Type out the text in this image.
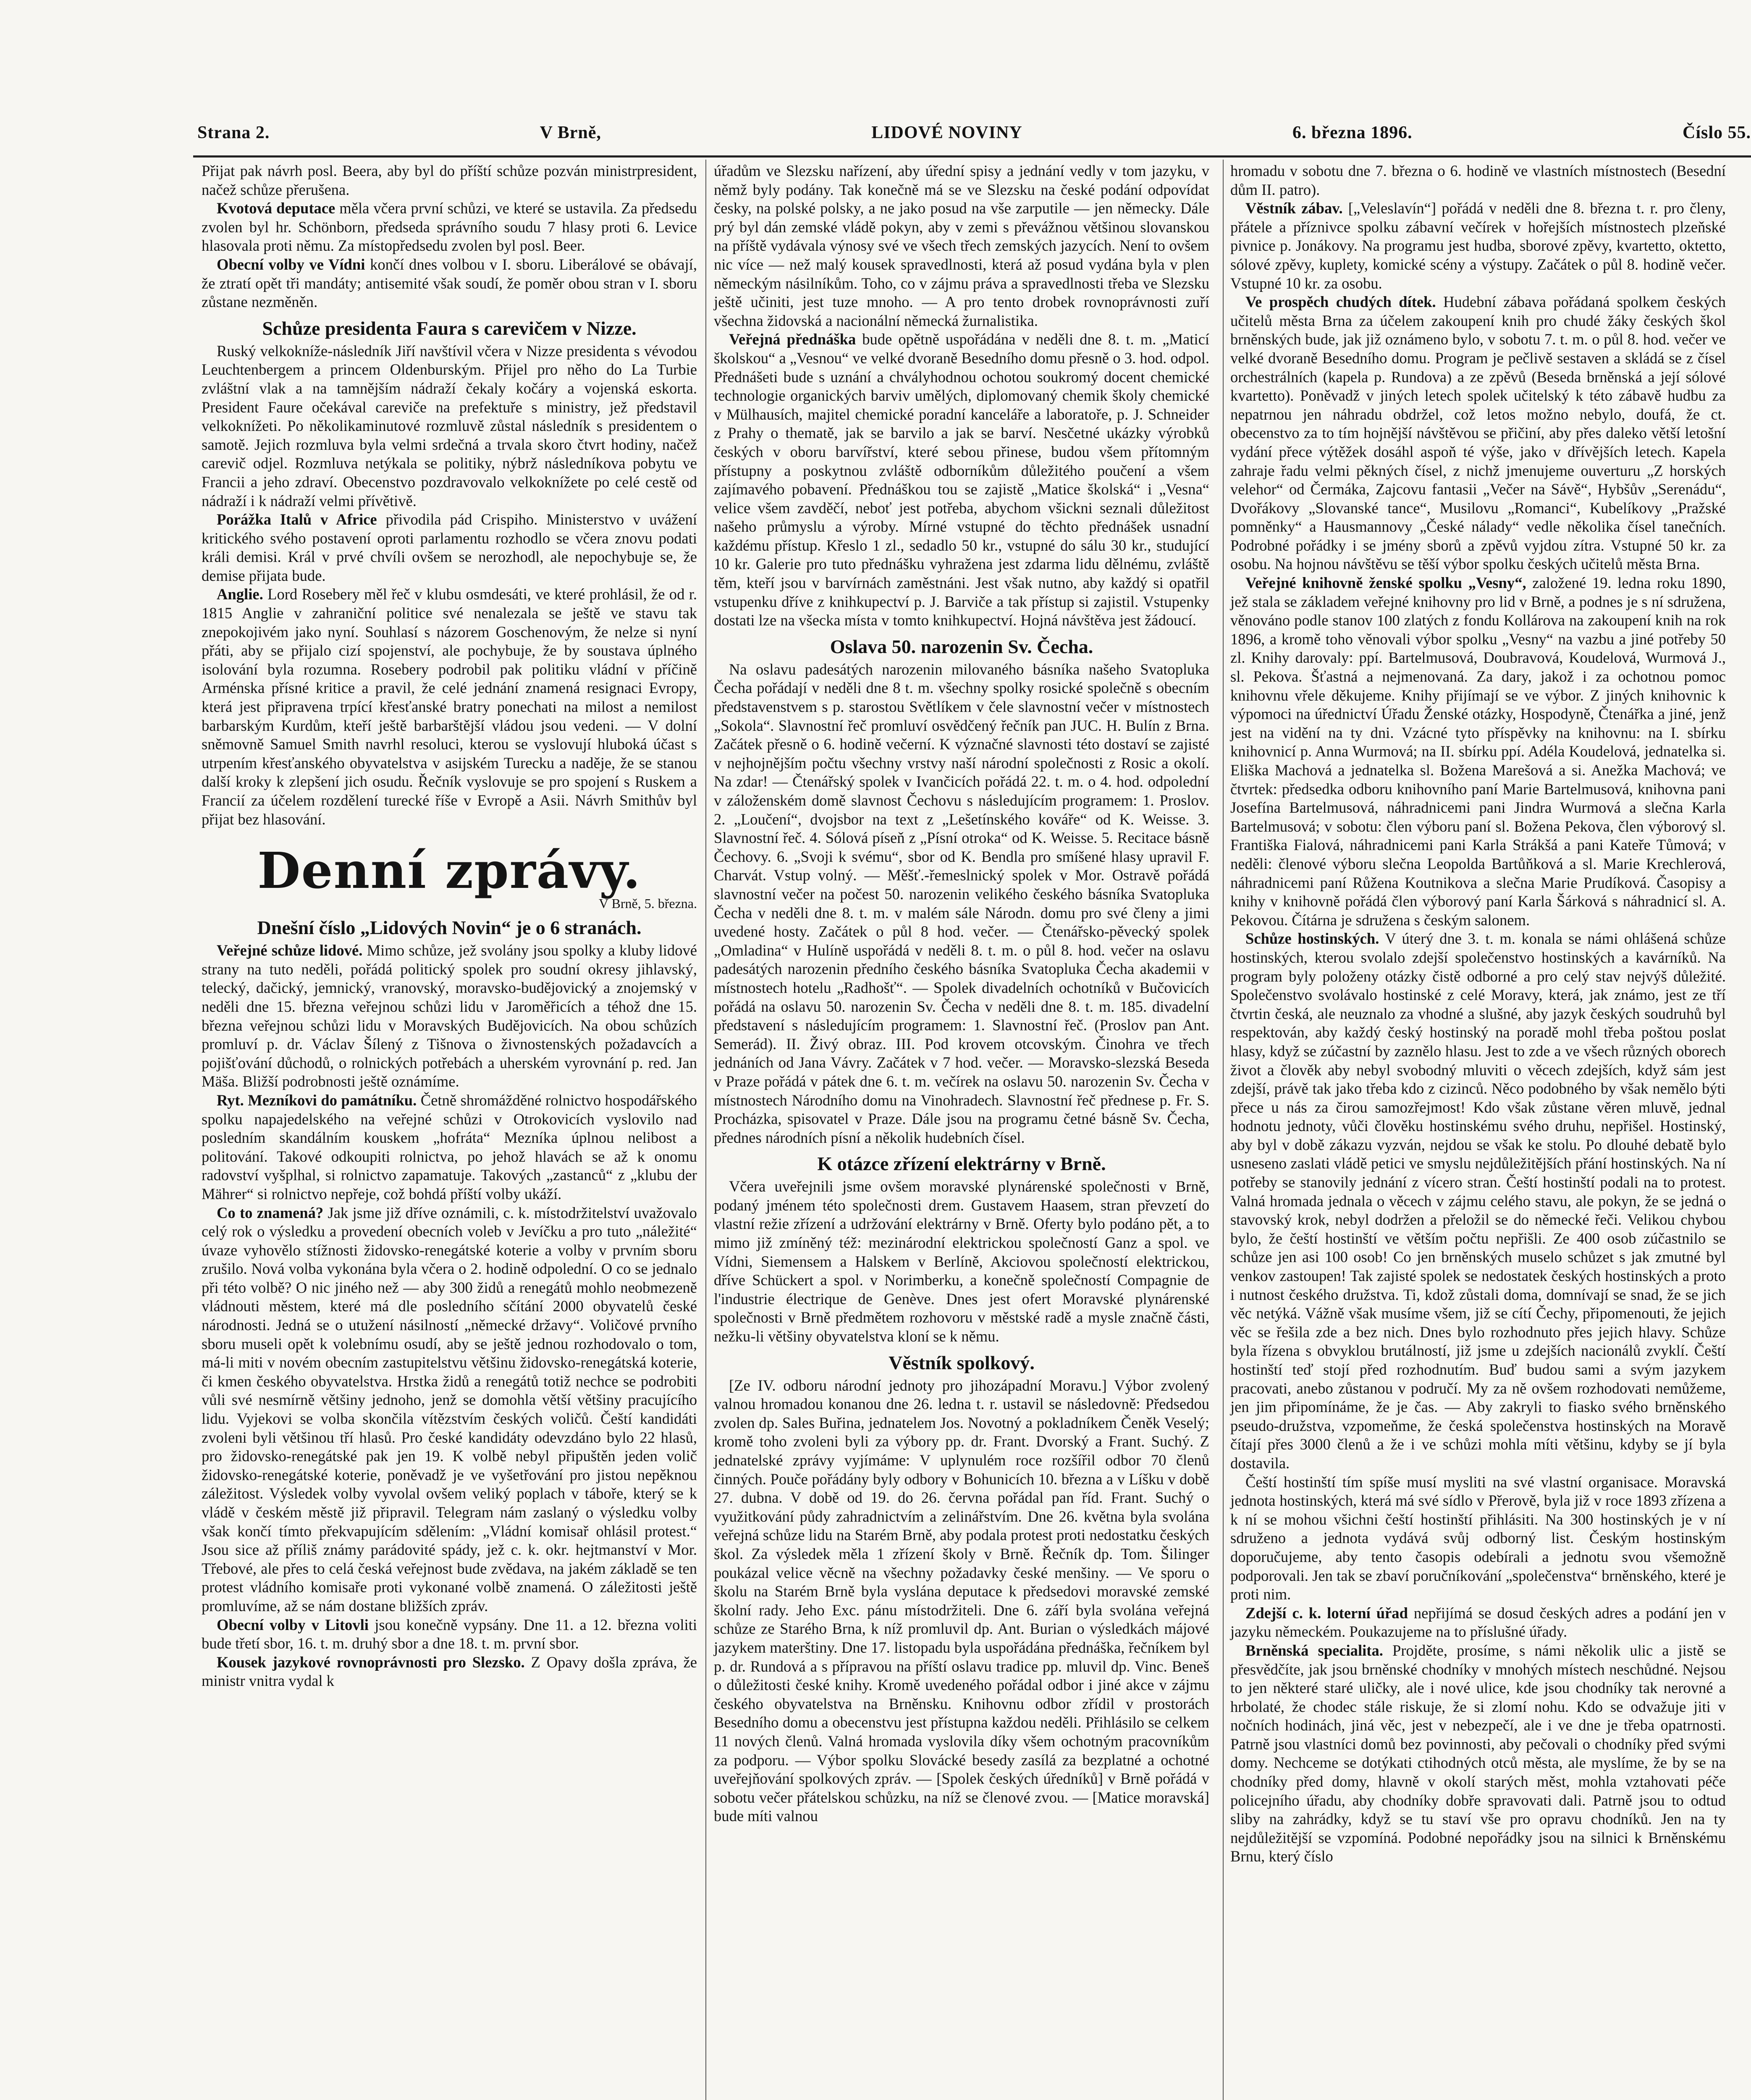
Strana 2.	V Brně,	LIDOVÉ NOVINY	6. března 1896.	Číslo 55.

Přijat pak návrh posl. Beera, aby byl do příští schůze pozván ministrpresident, načež schůze přerušena.

Kvotová deputace měla včera první schůzi, ve které se ustavila. Za předsedu zvolen byl hr. Schönborn, předseda správního soudu 7 hlasy proti 6. Levice hlasovala proti němu. Za místopředsedu zvolen byl posl. Beer.

Obecní volby ve Vídni končí dnes volbou v I. sboru. Liberálové se obávají, že ztratí opět tři mandáty; antisemité však soudí, že poměr obou stran v I. sboru zůstane nezměněn.

Schůze presidenta Faura s carevičem v Nizze.

Ruský velkokníže-následník Jiří navštívil včera v Nizze presidenta s vévodou Leuchtenbergem a princem Oldenburským. Přijel pro něho do La Turbie zvláštní vlak a na tamnějším nádraží čekaly kočáry a vojenská eskorta. President Faure očekával careviče na prefektuře s ministry, jež představil velkoknížeti. Po několikaminutové rozmluvě zůstal následník s presidentem o samotě. Jejich rozmluva byla velmi srdečná a trvala skoro čtvrt hodiny, načež carevič odjel. Rozmluva netýkala se politiky, nýbrž následníkova pobytu ve Francii a jeho zdraví. Obecenstvo pozdravovalo velkoknížete po celé cestě od nádraží i k nádraží velmi přívětivě.

Porážka Italů v Africe přivodila pád Crispiho. Ministerstvo v uvážení kritického svého postavení oproti parlamentu rozhodlo se včera znovu podati králi demisi. Král v prvé chvíli ovšem se nerozhodl, ale nepochybuje se, že demise přijata bude.

Anglie. Lord Rosebery měl řeč v klubu osmdesáti, ve které prohlásil, že od r. 1815 Anglie v zahraniční politice své nenalezala se ještě ve stavu tak znepokojivém jako nyní. Souhlasí s názorem Goschenovým, že nelze si nyní přáti, aby se přijalo cizí spojenství, ale pochybuje, že by soustava úplného isolování byla rozumna. Rosebery podrobil pak politiku vládní v příčině Arménska přísné kritice a pravil, že celé jednání znamená resignaci Evropy, která jest připravena trpící křesťanské bratry ponechati na milost a nemilost barbarským Kurdům, kteří ještě barbarštější vládou jsou vedeni. — V dolní sněmovně Samuel Smith navrhl resoluci, kterou se vyslovují hluboká účast s utrpením křesťanského obyvatelstva v asijském Turecku a naděje, že se stanou další kroky k zlepšení jich osudu. Řečník vyslovuje se pro spojení s Ruskem a Francií za účelem rozdělení turecké říše v Evropě a Asii. Návrh Smithův byl přijat bez hlasování.

Denní zprávy.
V Brně, 5. března.
Dnešní číslo „Lidových Novin“ je o 6 stranách.

Veřejné schůze lidové. Mimo schůze, jež svolány jsou spolky a kluby lidové strany na tuto neděli, pořádá politický spolek pro soudní okresy jihlavský, telecký, dačický, jemnický, vranovský, moravsko-budějovický a znojemský v neděli dne 15. března veřejnou schůzi lidu v Jaroměřicích a téhož dne 15. března veřejnou schůzi lidu v Moravských Budějovicích. Na obou schůzích promluví p. dr. Václav Šílený z Tišnova o živnostenských požadavcích a pojišťování důchodů, o rolnických potřebách a uherském vyrovnání p. red. Jan Mäša. Bližší podrobnosti ještě oznámíme.

Ryt. Mezníkovi do památníku. Četně shromážděné rolnictvo hospodářského spolku napajedelského na veřejné schůzi v Otrokovicích vyslovilo nad posledním skandálním kouskem „hofráta“ Mezníka úplnou nelibost a politování. Takové odkoupiti rolnictva, po jehož hlavách se až k onomu radovství vyšplhal, si rolnictvo zapamatuje. Takových „zastanců“ z „klubu der Mährer“ si rolnictvo nepřeje, což bohdá příští volby ukáží.

Co to znamená? Jak jsme již dříve oznámili, c. k. místodržitelství uvažovalo celý rok o výsledku a provedení obecních voleb v Jevíčku a pro tuto „náležité“ úvaze vyhovělo stížnosti židovsko-renegátské koterie a volby v prvním sboru zrušilo. Nová volba vykonána byla včera o 2. hodině odpolední. O co se jednalo při této volbě? O nic jiného než — aby 300 židů a renegátů mohlo neobmezeně vládnouti městem, které má dle posledního sčítání 2000 obyvatelů české národnosti. Jedná se o utužení násilností „německé državy“. Voličové prvního sboru museli opět k volebnímu osudí, aby se ještě jednou rozhodovalo o tom, má-li miti v novém obecním zastupitelstvu většinu židovsko-renegátská koterie, či kmen českého obyvatelstva. Hrstka židů a renegátů totiž nechce se podrobiti vůli své nesmírně většiny jednoho, jenž se domohla větší většiny pracujícího lidu. Vyjekovi se volba skončila vítězstvím českých voličů. Čeští kandidáti zvoleni byli většinou tří hlasů. Pro české kandidáty odevzdáno bylo 22 hlasů, pro židovsko-renegátské pak jen 19. K volbě nebyl připuštěn jeden volič židovsko-renegátské koterie, poněvadž je ve vyšetřování pro jistou nepěknou záležitost. Výsledek volby vyvolal ovšem veliký poplach v táboře, který se k vládě v českém městě již připravil. Telegram nám zaslaný o výsledku volby však končí tímto překvapujícím sdělením: „Vládní komisař ohlásil protest.“ Jsou sice až příliš známy parádovité spády, jež c. k. okr. hejtmanství v Mor. Třebové, ale přes to celá česká veřejnost bude zvědava, na jakém základě se ten protest vládního komisaře proti vykonané volbě znamená. O záležitosti ještě promluvíme, až se nám dostane bližších zpráv.

Obecní volby v Litovli jsou konečně vypsány. Dne 11. a 12. března voliti bude třetí sbor, 16. t. m. druhý sbor a dne 18. t. m. první sbor.

Kousek jazykové rovnoprávnosti pro Slezsko. Z Opavy došla zpráva, že ministr vnitra vydal k

úřadům ve Slezsku nařízení, aby úřední spisy a jednání vedly v tom jazyku, v němž byly podány. Tak konečně má se ve Slezsku na české podání odpovídat česky, na polské polsky, a ne jako posud na vše zarputile — jen německy. Dále prý byl dán zemské vládě pokyn, aby v zemi s převážnou většinou slovanskou na příště vydávala výnosy své ve všech třech zemských jazycích. Není to ovšem nic více — než malý kousek spravedlnosti, která až posud vydána byla v plen německým násilníkům. Toho, co v zájmu práva a spravedlnosti třeba ve Slezsku ještě učiniti, jest tuze mnoho. — A pro tento drobek rovnoprávnosti zuří všechna židovská a nacionální německá žurnalistika.

Veřejná přednáška bude opětně uspořádána v neděli dne 8. t. m. „Maticí školskou“ a „Vesnou“ ve velké dvoraně Besedního domu přesně o 3. hod. odpol. Přednášeti bude s uznání a chvályhodnou ochotou soukromý docent chemické technologie organických barviv umělých, diplomovaný chemik školy chemické v Mülhausích, majitel chemické poradní kanceláře a laboratoře, p. J. Schneider z Prahy o thematě, jak se barvilo a jak se barví. Nesčetné ukázky výrobků českých v oboru barvířství, které sebou přinese, budou všem přítomným přístupny a poskytnou zvláště odborníkům důležitého poučení a všem zajímavého pobavení. Přednáškou tou se zajistě „Matice školská“ i „Vesna“ velice všem zavděčí, neboť jest potřeba, abychom všickni seznali důležitost našeho průmyslu a výroby. Mírné vstupné do těchto přednášek usnadní každému přístup. Křeslo 1 zl., sedadlo 50 kr., vstupné do sálu 30 kr., studující 10 kr. Galerie pro tuto přednášku vyhražena jest zdarma lidu dělnému, zvláště těm, kteří jsou v barvírnách zaměstnáni. Jest však nutno, aby každý si opatřil vstupenku dříve z knihkupectví p. J. Barviče a tak přístup si zajistil. Vstupenky dostati lze na všecka místa v tomto knihkupectví. Hojná návštěva jest žádoucí.

Oslava 50. narozenin Sv. Čecha.

Na oslavu padesátých narozenin milovaného básníka našeho Svatopluka Čecha pořádají v neděli dne 8 t. m. všechny spolky rosické společně s obecním představenstvem s p. starostou Světlíkem v čele slavnostní večer v místnostech „Sokola“. Slavnostní řeč promluví osvědčený řečník pan JUC. H. Bulín z Brna. Začátek přesně o 6. hodině večerní. K význačné slavnosti této dostaví se zajisté v nejhojnějším počtu všechny vrstvy naší národní společnosti z Rosic a okolí. Na zdar! — Čtenářský spolek v Ivančicích pořádá 22. t. m. o 4. hod. odpolední v záloženském domě slavnost Čechovu s následujícím programem: 1. Proslov. 2. „Loučení“, dvojsbor na text z „Lešetínského kováře“ od K. Weisse. 3. Slavnostní řeč. 4. Sólová píseň z „Písní otroka“ od K. Weisse. 5. Recitace básně Čechovy. 6. „Svoji k svému“, sbor od K. Bendla pro smíšené hlasy upravil F. Charvát. Vstup volný. — Měšť.-řemeslnický spolek v Mor. Ostravě pořádá slavnostní večer na počest 50. narozenin velikého českého básníka Svatopluka Čecha v neděli dne 8. t. m. v malém sále Národn. domu pro své členy a jimi uvedené hosty. Začátek o půl 8 hod. večer. — Čtenářsko-pěvecký spolek „Omladina“ v Hulíně uspořádá v neděli 8. t. m. o půl 8. hod. večer na oslavu padesátých narozenin předního českého básníka Svatopluka Čecha akademii v místnostech hotelu „Radhošť“. — Spolek divadelních ochotníků v Bučovicích pořádá na oslavu 50. narozenin Sv. Čecha v neděli dne 8. t. m. 185. divadelní představení s následujícím programem: 1. Slavnostní řeč. (Proslov pan Ant. Semerád). II. Živý obraz. III. Pod krovem otcovským. Činohra ve třech jednáních od Jana Vávry. Začátek v 7 hod. večer. — Moravsko-slezská Beseda v Praze pořádá v pátek dne 6. t. m. večírek na oslavu 50. narozenin Sv. Čecha v místnostech Národního domu na Vinohradech. Slavnostní řeč přednese p. Fr. S. Procházka, spisovatel v Praze. Dále jsou na programu četné básně Sv. Čecha, přednes národních písní a několik hudebních čísel.

K otázce zřízení elektrárny v Brně.

Včera uveřejnili jsme ovšem moravské plynárenské společnosti v Brně, podaný jménem této společnosti drem. Gustavem Haasem, stran převzetí do vlastní režie zřízení a udržování elektrárny v Brně. Oferty bylo podáno pět, a to mimo již zmíněný též: mezinárodní elektrickou společností Ganz a spol. ve Vídni, Siemensem a Halskem v Berlíně, Akciovou společností elektrickou, dříve Schückert a spol. v Norimberku, a konečně společností Compagnie de l'industrie électrique de Genève. Dnes jest ofert Moravské plynárenské společnosti v Brně předmětem rozhovoru v městské radě a mysle značně části, nežku-li většiny obyvatelstva kloní se k němu.

Věstník spolkový.

[Ze IV. odboru národní jednoty pro jihozápadní Moravu.] Výbor zvolený valnou hromadou konanou dne 26. ledna t. r. ustavil se následovně: Předsedou zvolen dp. Sales Buřina, jednatelem Jos. Novotný a pokladníkem Čeněk Veselý; kromě toho zvoleni byli za výbory pp. dr. Frant. Dvorský a Frant. Suchý. Z jednatelské zprávy vyjímáme: V uplynulém roce rozšířil odbor 70 členů činných. Pouče pořádány byly odbory v Bohunicích 10. března a v Líšku v době 27. dubna. V době od 19. do 26. června pořádal pan říd. Frant. Suchý o využitkování půdy zahradnictvím a zelinářstvím. Dne 26. května byla svolána veřejná schůze lidu na Starém Brně, aby podala protest proti nedostatku českých škol. Za výsledek měla 1 zřízení školy v Brně. Řečník dp. Tom. Šilinger poukázal velice věcně na všechny požadavky české menšiny. — Ve sporu o školu na Starém Brně byla vyslána deputace k předsedovi moravské zemské školní rady. Jeho Exc. pánu místodržiteli. Dne 6. září byla svolána veřejná schůze ze Starého Brna, k níž promluvil dp. Ant. Burian o výsledkách májové jazykem materštiny. Dne 17. listopadu byla uspořádána přednáška, řečníkem byl p. dr. Rundová a s přípravou na příští oslavu tradice pp. mluvil dp. Vinc. Beneš o důležitosti české knihy. Kromě uvedeného pořádal odbor i jiné akce v zájmu českého obyvatelstva na Brněnsku. Knihovnu odbor zřídil v prostorách Besedního domu a obecenstvu jest přístupna každou neděli. Přihlásilo se celkem 11 nových členů. Valná hromada vyslovila díky všem ochotným pracovníkům za podporu. — Výbor spolku Slovácké besedy zasílá za bezplatné a ochotné uveřejňování spolkových zpráv. — [Spolek českých úředníků] v Brně pořádá v sobotu večer přátelskou schůzku, na níž se členové zvou. — [Matice moravská] bude míti valnou

hromadu v sobotu dne 7. března o 6. hodině ve vlastních místnostech (Besední dům II. patro).

Věstník zábav. [„Veleslavín“] pořádá v neděli dne 8. března t. r. pro členy, přátele a příznivce spolku zábavní večírek v hořejších místnostech plzeňské pivnice p. Jonákovy. Na programu jest hudba, sborové zpěvy, kvartetto, oktetto, sólové zpěvy, kuplety, komické scény a výstupy. Začátek o půl 8. hodině večer. Vstupné 10 kr. za osobu.

Ve prospěch chudých dítek. Hudební zábava pořádaná spolkem českých učitelů města Brna za účelem zakoupení knih pro chudé žáky českých škol brněnských bude, jak již oznámeno bylo, v sobotu 7. t. m. o půl 8. hod. večer ve velké dvoraně Besedního domu. Program je pečlivě sestaven a skládá se z čísel orchestrálních (kapela p. Rundova) a ze zpěvů (Beseda brněnská a její sólové kvartetto). Poněvadž v jiných letech spolek učitelský k této zábavě hudbu za nepatrnou jen náhradu obdržel, což letos možno nebylo, doufá, že ct. obecenstvo za to tím hojnější návštěvou se přičiní, aby přes daleko větší letošní vydání přece výtěžek dosáhl aspoň té výše, jako v dřívějších letech. Kapela zahraje řadu velmi pěkných čísel, z nichž jmenujeme ouverturu „Z horských velehor“ od Čermáka, Zajcovu fantasii „Večer na Sávě“, Hybšův „Serenádu“, Dvořákovy „Slovanské tance“, Musilovu „Romanci“, Kubelíkovy „Pražské pomněnky“ a Hausmannovy „České nálady“ vedle několika čísel tanečních. Podrobné pořádky i se jmény sborů a zpěvů vyjdou zítra. Vstupné 50 kr. za osobu. Na hojnou návštěvu se těší výbor spolku českých učitelů města Brna.

Veřejné knihovně ženské spolku „Vesny“, založené 19. ledna roku 1890, jež stala se základem veřejné knihovny pro lid v Brně, a podnes je s ní sdružena, věnováno podle stanov 100 zlatých z fondu Kollárova na zakoupení knih na rok 1896, a kromě toho věnovali výbor spolku „Vesny“ na vazbu a jiné potřeby 50 zl. Knihy darovaly: ppí. Bartelmusová, Doubravová, Koudelová, Wurmová J., sl. Pekova. Šťastná a nejmenovaná. Za dary, jakož i za ochotnou pomoc knihovnu vřele děkujeme. Knihy přijímají se ve výbor. Z jiných knihovnic k výpomoci na úřednictví Úřadu Ženské otázky, Hospodyně, Čtenářka a jiné, jenž jest na vidění na ty dni. Vzácné tyto příspěvky na knihovnu: na I. sbírku knihovnicí p. Anna Wurmová; na II. sbírku ppí. Adéla Koudelová, jednatelka si. Eliška Machová a jednatelka sl. Božena Marešová a si. Anežka Machová; ve čtvrtek: předsedka odboru knihovního paní Marie Bartelmusová, knihovna pani Josefína Bartelmusová, náhradnicemi pani Jindra Wurmová a slečna Karla Bartelmusová; v sobotu: člen výboru paní sl. Božena Pekova, člen výborový sl. Františka Fialová, náhradnicemi pani Karla Strákšá a pani Kateře Tůmová; v neděli: členové výboru slečna Leopolda Bartůňková a sl. Marie Krechlerová, náhradnicemi paní Růžena Koutnikova a slečna Marie Prudíková. Časopisy a knihy v knihovně pořádá člen výborový paní Karla Šárková s náhradnicí sl. A. Pekovou. Čítárna je sdružena s českým salonem.

Schůze hostinských. V úterý dne 3. t. m. konala se námi ohlášená schůze hostinských, kterou svolalo zdejší společenstvo hostinských a kavárníků. Na program byly položeny otázky čistě odborné a pro celý stav nejvýš důležité. Společenstvo svolávalo hostinské z celé Moravy, která, jak známo, jest ze tří čtvrtin česká, ale neuznalo za vhodné a slušné, aby jazyk českých soudruhů byl respektován, aby každý český hostinský na poradě mohl třeba poštou poslat hlasy, když se zúčastní by zaznělo hlasu. Jest to zde a ve všech různých oborech život a člověk aby nebyl svobodný mluviti o věcech zdejších, když sám jest zdejší, právě tak jako třeba kdo z cizinců. Něco podobného by však nemělo býti přece u nás za čirou samozřejmost! Kdo však zůstane věren mluvě, jednal hodnotu jednoty, vůči člověku hostinskému svého druhu, nepřišel. Hostinský, aby byl v době zákazu vyzván, nejdou se však ke stolu. Po dlouhé debatě bylo usneseno zaslati vládě petici ve smyslu nejdůležitějších přání hostinských. Na ní potřeby se stanovily jednání z vícero stran. Čeští hostinští podali na to protest. Valná hromada jednala o věcech v zájmu celého stavu, ale pokyn, že se jedná o stavovský krok, nebyl dodržen a přeložil se do německé řeči. Velikou chybou bylo, že čeští hostinští ve větším počtu nepřišli. Ze 400 osob zúčastnilo se schůze jen asi 100 osob! Co jen brněnských muselo schůzet s jak zmutné byl venkov zastoupen! Tak zajisté spolek se nedostatek českých hostinských a proto i nutnost českého družstva. Ti, kdož zůstali doma, domnívají se snad, že se jich věc netýká. Vážně však musíme všem, již se cítí Čechy, připomenouti, že jejich věc se řešila zde a bez nich. Dnes bylo rozhodnuto přes jejich hlavy. Schůze byla řízena s obvyklou brutálností, již jsme u zdejších nacionálů zvyklí. Čeští hostinští teď stojí před rozhodnutím. Buď budou sami a svým jazykem pracovati, anebo zůstanou v područí. My za ně ovšem rozhodovati nemůžeme, jen jim připomínáme, že je čas. — Aby zakryli to fiasko svého brněnského pseudo-družstva, vzpomeňme, že česká společenstva hostinských na Moravě čítají přes 3000 členů a že i ve schůzi mohla míti většinu, kdyby se jí byla dostavila.

Čeští hostinští tím spíše musí mysliti na své vlastní organisace. Moravská jednota hostinských, která má své sídlo v Přerově, byla již v roce 1893 zřízena a k ní se mohou všichni čeští hostinští přihlásiti. Na 300 hostinských je v ní sdruženo a jednota vydává svůj odborný list. Českým hostinským doporučujeme, aby tento časopis odebírali a jednotu svou všemožně podporovali. Jen tak se zbaví poručníkování „společenstva“ brněnského, které je proti nim.

Zdejší c. k. loterní úřad nepřijímá se dosud českých adres a podání jen v jazyku německém. Poukazujeme na to příslušné úřady.

Brněnská specialita. Projděte, prosíme, s námi několik ulic a jistě se přesvědčíte, jak jsou brněnské chodníky v mnohých místech neschůdné. Nejsou to jen některé staré uličky, ale i nové ulice, kde jsou chodníky tak nerovné a hrbolaté, že chodec stále riskuje, že si zlomí nohu. Kdo se odvažuje jiti v nočních hodinách, jiná věc, jest v nebezpečí, ale i ve dne je třeba opatrnosti. Patrně jsou vlastníci domů bez povinnosti, aby pečovali o chodníky před svými domy. Nechceme se dotýkati ctihodných otců města, ale myslíme, že by se na chodníky před domy, hlavně v okolí starých měst, mohla vztahovati péče policejního úřadu, aby chodníky dobře spravovati dali. Patrně jsou to odtud sliby na zahrádky, když se tu staví vše pro opravu chodníků. Jen na ty nejdůležitější se vzpomíná. Podobné nepořádky jsou na silnici k Brněnskému Brnu, který číslo
